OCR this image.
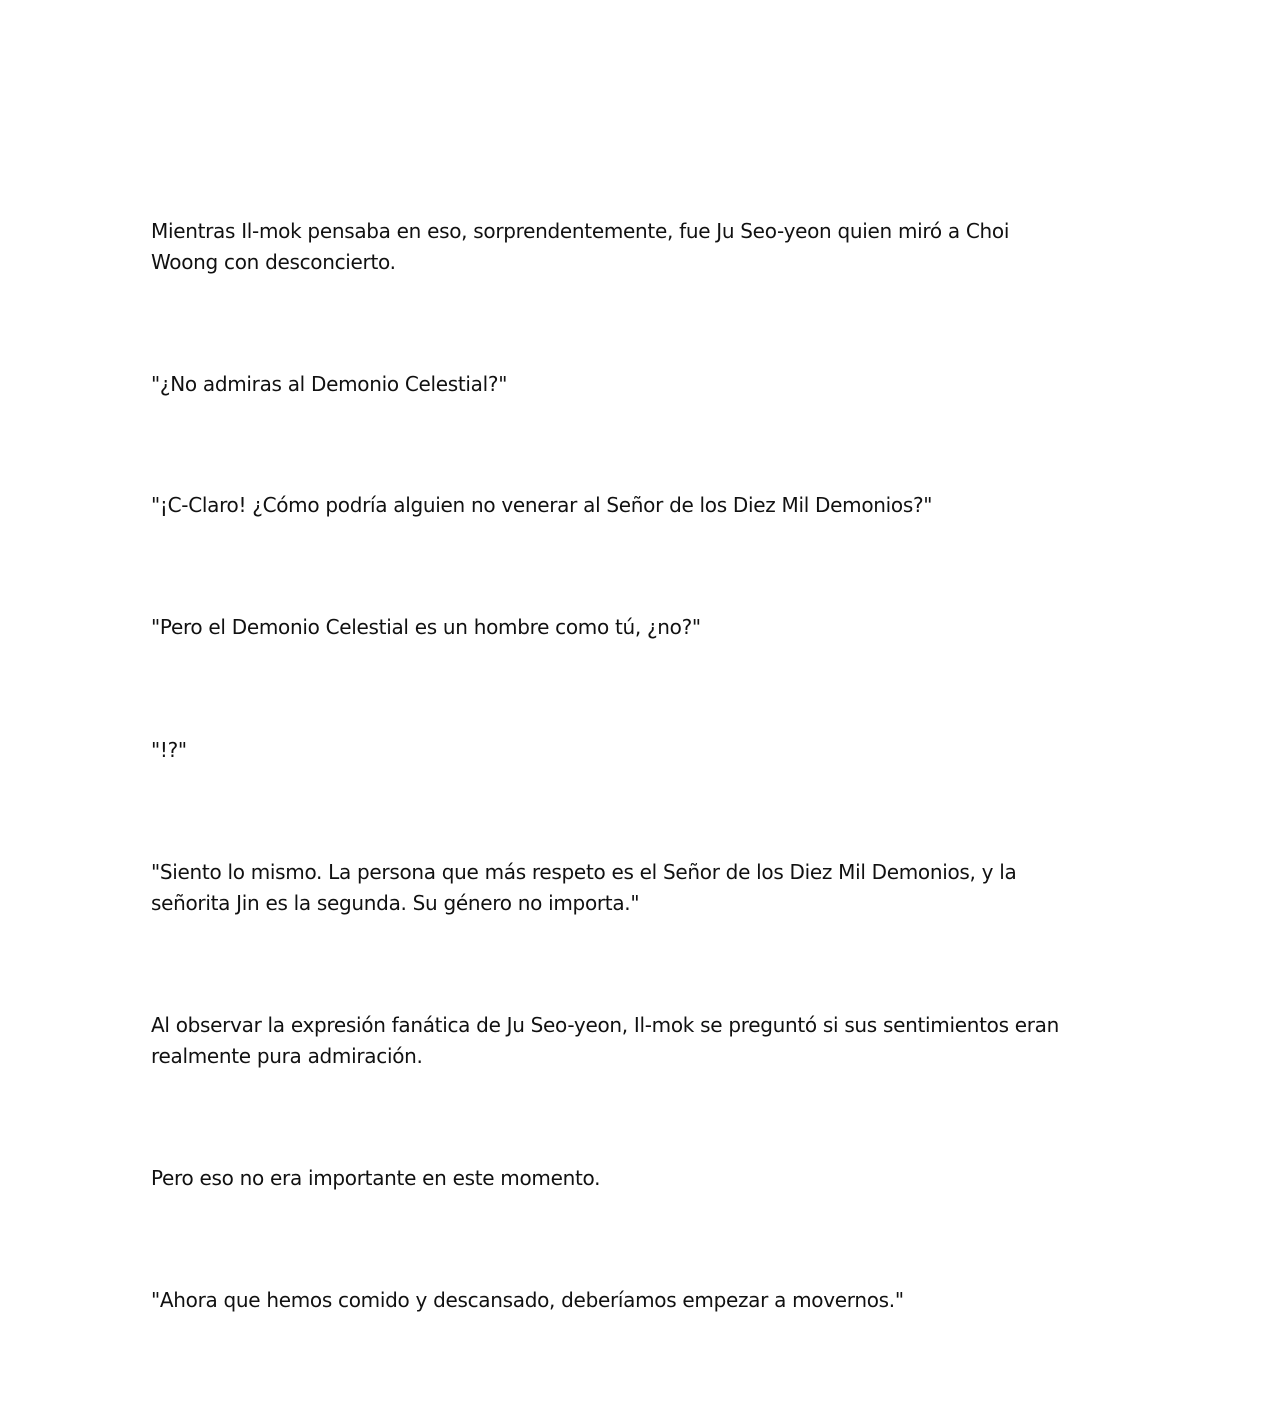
Mientras Il-mok pensaba en eso, sorprendentemente, fue Ju Seo-yeon quien miró a Choi
Woong con desconcierto.

"¿No admiras al Demonio Celestial?"

"¡C-Claro! ¿Cómo podría alguien no venerar al Señor de los Diez Mil Demonios?"

"Pero el Demonio Celestial es un hombre como tú, ¿no?"

"!?"

"Siento lo mismo. La persona que más respeto es el Señor de los Diez Mil Demonios, y la
señorita Jin es la segunda. Su género no importa."

Al observar la expresión fanática de Ju Seo-yeon, Il-mok se preguntó si sus sentimientos eran
realmente pura admiración.

Pero eso no era importante en este momento.

"Ahora que hemos comido y descansado, deberíamos empezar a movernos."
